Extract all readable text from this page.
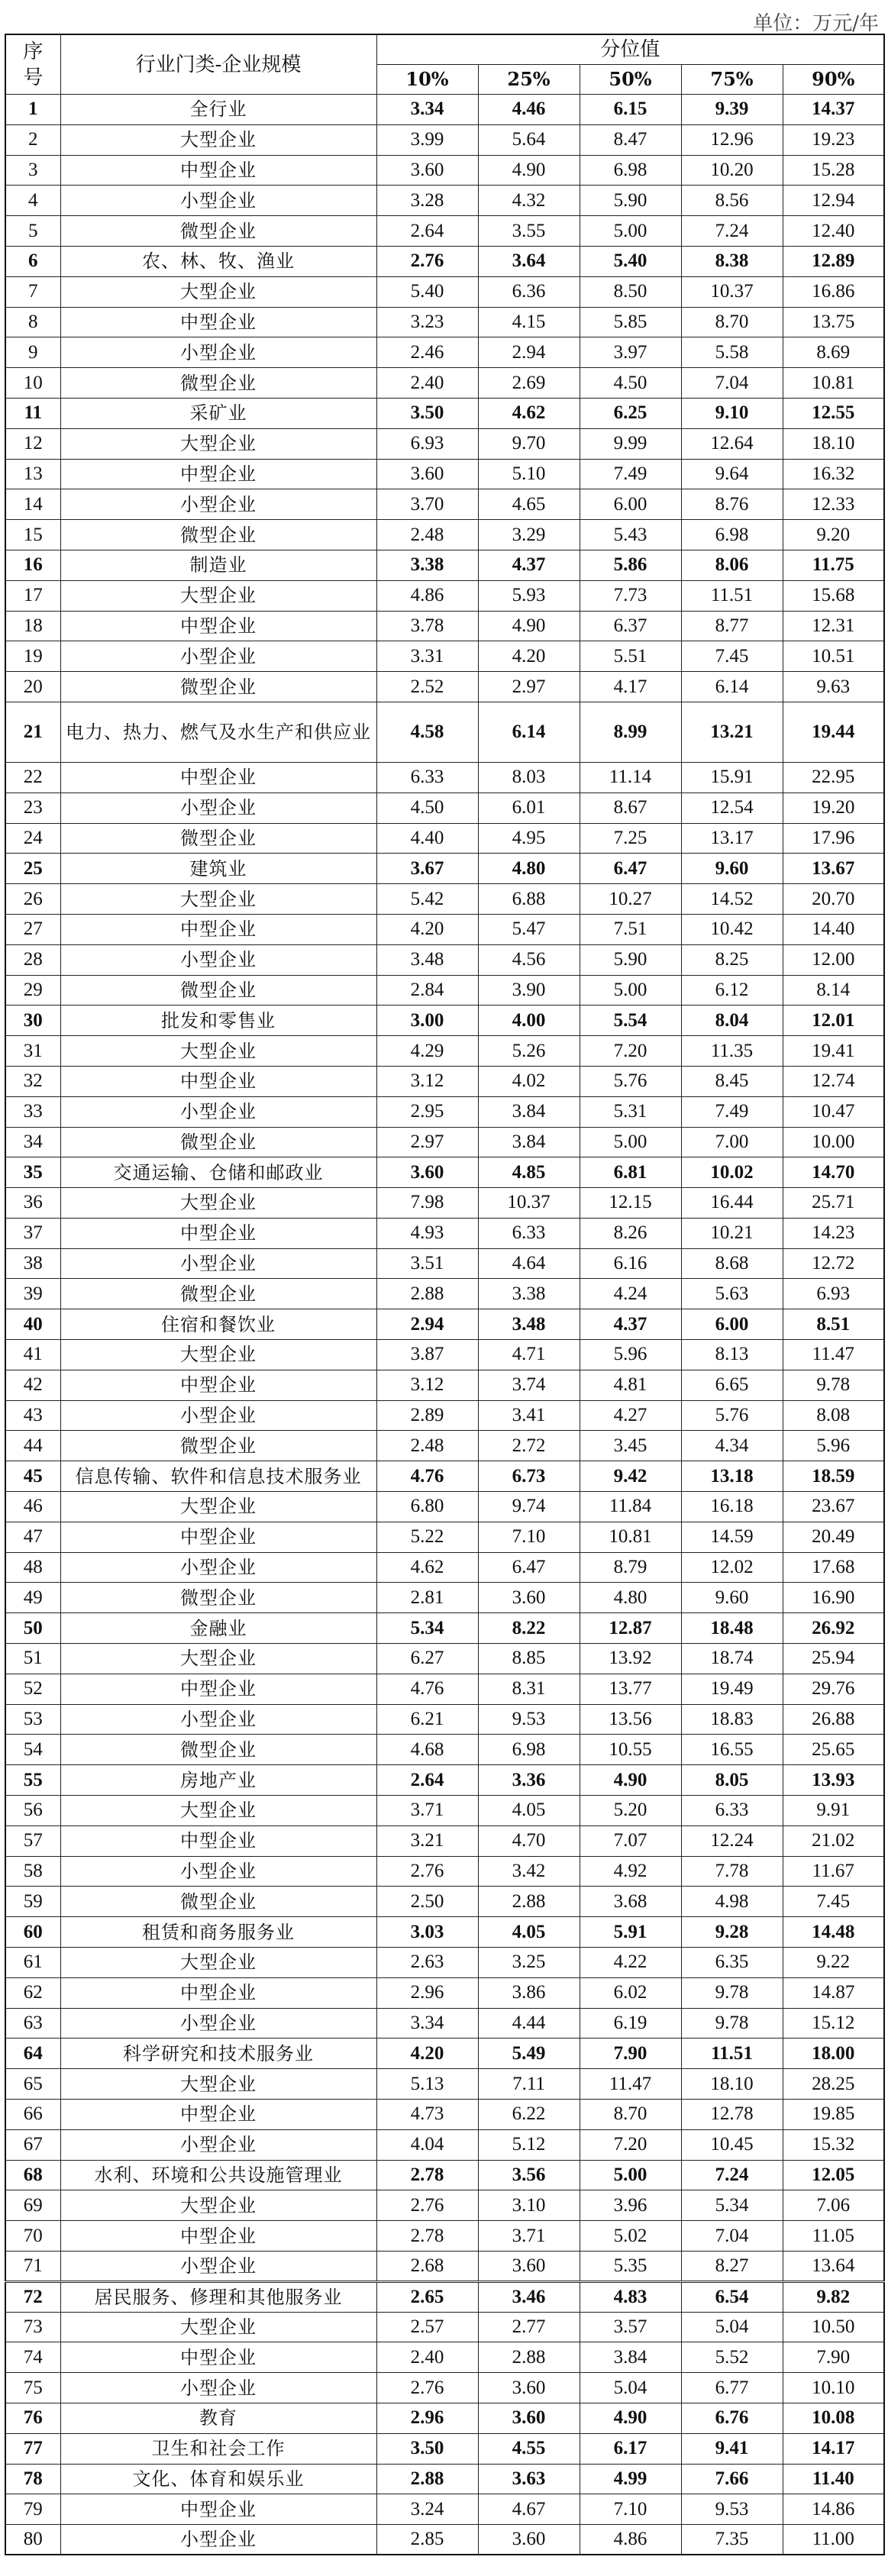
单位：万元/年
序号	行业门类-企业规模	分位值				
		10%	25%	50%	75%	90%
1	全行业	3.34	4.46	6.15	9.39	14.37
2	大型企业	3.99	5.64	8.47	12.96	19.23
3	中型企业	3.60	4.90	6.98	10.20	15.28
4	小型企业	3.28	4.32	5.90	8.56	12.94
5	微型企业	2.64	3.55	5.00	7.24	12.40
6	农、林、牧、渔业	2.76	3.64	5.40	8.38	12.89
7	大型企业	5.40	6.36	8.50	10.37	16.86
8	中型企业	3.23	4.15	5.85	8.70	13.75
9	小型企业	2.46	2.94	3.97	5.58	8.69
10	微型企业	2.40	2.69	4.50	7.04	10.81
11	采矿业	3.50	4.62	6.25	9.10	12.55
12	大型企业	6.93	9.70	9.99	12.64	18.10
13	中型企业	3.60	5.10	7.49	9.64	16.32
14	小型企业	3.70	4.65	6.00	8.76	12.33
15	微型企业	2.48	3.29	5.43	6.98	9.20
16	制造业	3.38	4.37	5.86	8.06	11.75
17	大型企业	4.86	5.93	7.73	11.51	15.68
18	中型企业	3.78	4.90	6.37	8.77	12.31
19	小型企业	3.31	4.20	5.51	7.45	10.51
20	微型企业	2.52	2.97	4.17	6.14	9.63
21	电力、热力、燃气及水生产和供应业	4.58	6.14	8.99	13.21	19.44
22	中型企业	6.33	8.03	11.14	15.91	22.95
23	小型企业	4.50	6.01	8.67	12.54	19.20
24	微型企业	4.40	4.95	7.25	13.17	17.96
25	建筑业	3.67	4.80	6.47	9.60	13.67
26	大型企业	5.42	6.88	10.27	14.52	20.70
27	中型企业	4.20	5.47	7.51	10.42	14.40
28	小型企业	3.48	4.56	5.90	8.25	12.00
29	微型企业	2.84	3.90	5.00	6.12	8.14
30	批发和零售业	3.00	4.00	5.54	8.04	12.01
31	大型企业	4.29	5.26	7.20	11.35	19.41
32	中型企业	3.12	4.02	5.76	8.45	12.74
33	小型企业	2.95	3.84	5.31	7.49	10.47
34	微型企业	2.97	3.84	5.00	7.00	10.00
35	交通运输、仓储和邮政业	3.60	4.85	6.81	10.02	14.70
36	大型企业	7.98	10.37	12.15	16.44	25.71
37	中型企业	4.93	6.33	8.26	10.21	14.23
38	小型企业	3.51	4.64	6.16	8.68	12.72
39	微型企业	2.88	3.38	4.24	5.63	6.93
40	住宿和餐饮业	2.94	3.48	4.37	6.00	8.51
41	大型企业	3.87	4.71	5.96	8.13	11.47
42	中型企业	3.12	3.74	4.81	6.65	9.78
43	小型企业	2.89	3.41	4.27	5.76	8.08
44	微型企业	2.48	2.72	3.45	4.34	5.96
45	信息传输、软件和信息技术服务业	4.76	6.73	9.42	13.18	18.59
46	大型企业	6.80	9.74	11.84	16.18	23.67
47	中型企业	5.22	7.10	10.81	14.59	20.49
48	小型企业	4.62	6.47	8.79	12.02	17.68
49	微型企业	2.81	3.60	4.80	9.60	16.90
50	金融业	5.34	8.22	12.87	18.48	26.92
51	大型企业	6.27	8.85	13.92	18.74	25.94
52	中型企业	4.76	8.31	13.77	19.49	29.76
53	小型企业	6.21	9.53	13.56	18.83	26.88
54	微型企业	4.68	6.98	10.55	16.55	25.65
55	房地产业	2.64	3.36	4.90	8.05	13.93
56	大型企业	3.71	4.05	5.20	6.33	9.91
57	中型企业	3.21	4.70	7.07	12.24	21.02
58	小型企业	2.76	3.42	4.92	7.78	11.67
59	微型企业	2.50	2.88	3.68	4.98	7.45
60	租赁和商务服务业	3.03	4.05	5.91	9.28	14.48
61	大型企业	2.63	3.25	4.22	6.35	9.22
62	中型企业	2.96	3.86	6.02	9.78	14.87
63	小型企业	3.34	4.44	6.19	9.78	15.12
64	科学研究和技术服务业	4.20	5.49	7.90	11.51	18.00
65	大型企业	5.13	7.11	11.47	18.10	28.25
66	中型企业	4.73	6.22	8.70	12.78	19.85
67	小型企业	4.04	5.12	7.20	10.45	15.32
68	水利、环境和公共设施管理业	2.78	3.56	5.00	7.24	12.05
69	大型企业	2.76	3.10	3.96	5.34	7.06
70	中型企业	2.78	3.71	5.02	7.04	11.05
71	小型企业	2.68	3.60	5.35	8.27	13.64
72	居民服务、修理和其他服务业	2.65	3.46	4.83	6.54	9.82
73	大型企业	2.57	2.77	3.57	5.04	10.50
74	中型企业	2.40	2.88	3.84	5.52	7.90
75	小型企业	2.76	3.60	5.04	6.77	10.10
76	教育	2.96	3.60	4.90	6.76	10.08
77	卫生和社会工作	3.50	4.55	6.17	9.41	14.17
78	文化、体育和娱乐业	2.88	3.63	4.99	7.66	11.40
79	中型企业	3.24	4.67	7.10	9.53	14.86
80	小型企业	2.85	3.60	4.86	7.35	11.00
